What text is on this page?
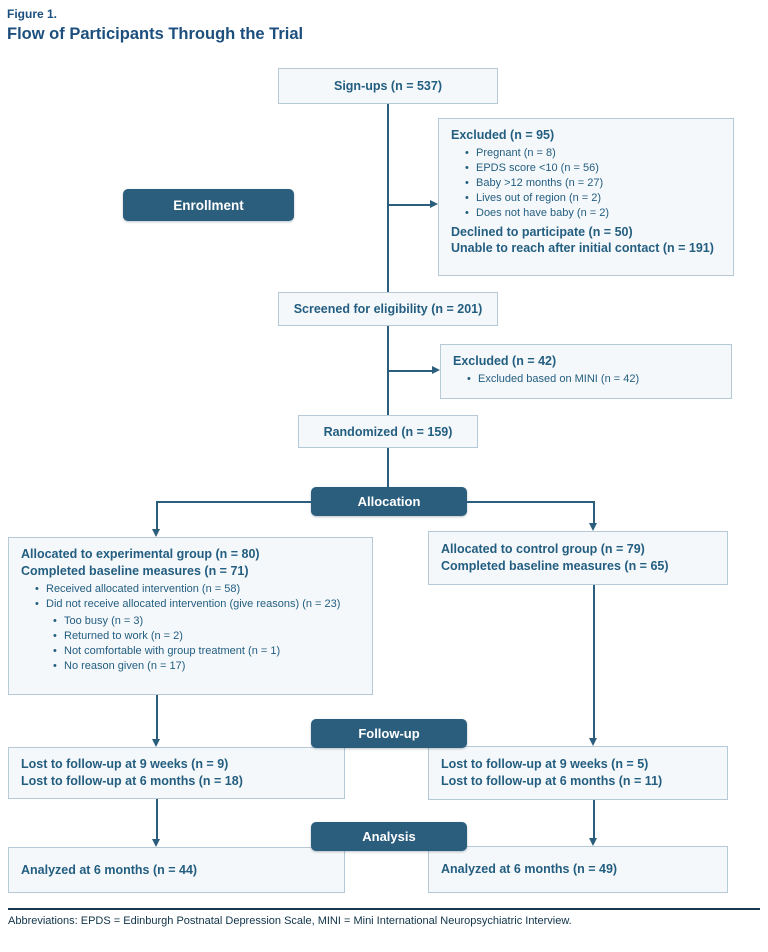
Figure 1.
Flow of Participants Through the Trial
Sign-ups (n = 537)
Excluded (n = 95)
• Pregnant (n = 8)
• EPDS score <10 (n = 56)
• Baby >12 months (n = 27)
• Lives out of region (n = 2)
• Does not have baby (n = 2)
Declined to participate (n = 50)
Unable to reach after initial contact (n = 191)
Enrollment
Screened for eligibility (n = 201)
Excluded (n = 42)
• Excluded based on MINI (n = 42)
Randomized (n = 159)
Allocation
Allocated to experimental group (n = 80)
Completed baseline measures (n = 71)
• Received allocated intervention (n = 58)
• Did not receive allocated intervention (give reasons) (n = 23)
• Too busy (n = 3)
• Returned to work (n = 2)
• Not comfortable with group treatment (n = 1)
• No reason given (n = 17)
Allocated to control group (n = 79)
Completed baseline measures (n = 65)
Follow-up
Lost to follow-up at 9 weeks (n = 9)
Lost to follow-up at 6 months (n = 18)
Lost to follow-up at 9 weeks (n = 5)
Lost to follow-up at 6 months (n = 11)
Analysis
Analyzed at 6 months (n = 44)	Analyzed at 6 months (n = 49)
Abbreviations: EPDS = Edinburgh Postnatal Depression Scale, MINI = Mini International Neuropsychiatric Interview.
